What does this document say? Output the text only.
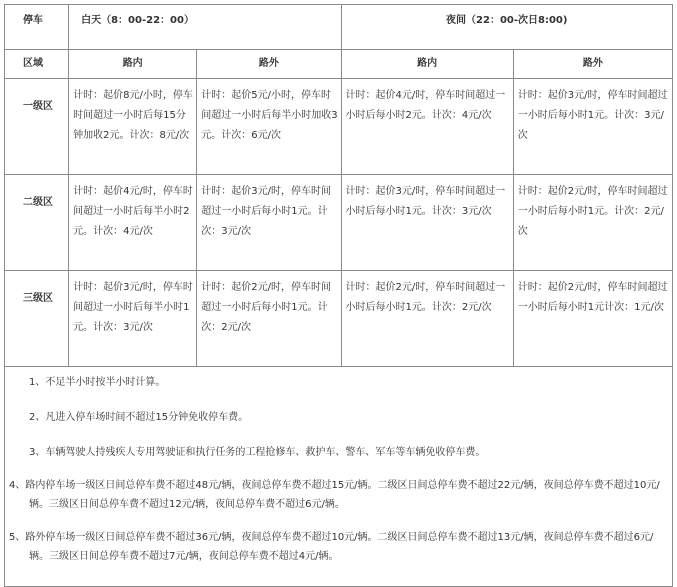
停车	白天（8：00-22：00）		夜间（22：00-次日8:00)	
区域	路内	路外	路内	路外
一级区	计时：起价8元/小时，停车时间超过一小时后每15分钟加收2元。计次：8元/次	计时：起价5元/小时，停车时间超过一小时后每半小时加收3元。计次：6元/次	计时：起价4元/时，停车时间超过一小时后每小时2元。计次：4元/次	计时：起价3元/时，停车时间超过一小时后每小时1元。计次：3元/次
二级区	计时：起价4元/时，停车时间超过一小时后每半小时2元。计次：4元/次	计时：起价3元/时，停车时间超过一小时后每小时1元。计次：3元/次	计时：起价3元/时，停车时间超过一小时后每小时1元。计次：3元/次	计时：起价2元/时，停车时间超过一小时后每小时1元。计次：2元/次
三级区	计时：起价3元/时，停车时间超过一小时后每半小时1元。计次：3元/次	计时：起价2元/时，停车时间超过一小时后每小时1元。计次：2元/次	计时：起价2元/时，停车时间超过一小时后每小时1元。计次：2元/次	计时：起价2元/时，停车时间超过一小时后每小时1元计次：1元/次

1、不足半小时按半小时计算。

2、凡进入停车场时间不超过15分钟免收停车费。

3、车辆驾驶人持残疾人专用驾驶证和执行任务的工程抢修车、救护车、警车、军车等车辆免收停车费。

4、路内停车场一级区日间总停车费不超过48元/辆，夜间总停车费不超过15元/辆。二级区日间总停车费不超过22元/辆，夜间总停车费不超过10元/辆。三级区日间总停车费不超过12元/辆，夜间总停车费不超过6元/辆。

5、路外停车场一级区日间总停车费不超过36元/辆，夜间总停车费不超过10元/辆。二级区日间总停车费不超过13元/辆，夜间总停车费不超过6元/辆。三级区日间总停车费不超过7元/辆，夜间总停车费不超过4元/辆。				
